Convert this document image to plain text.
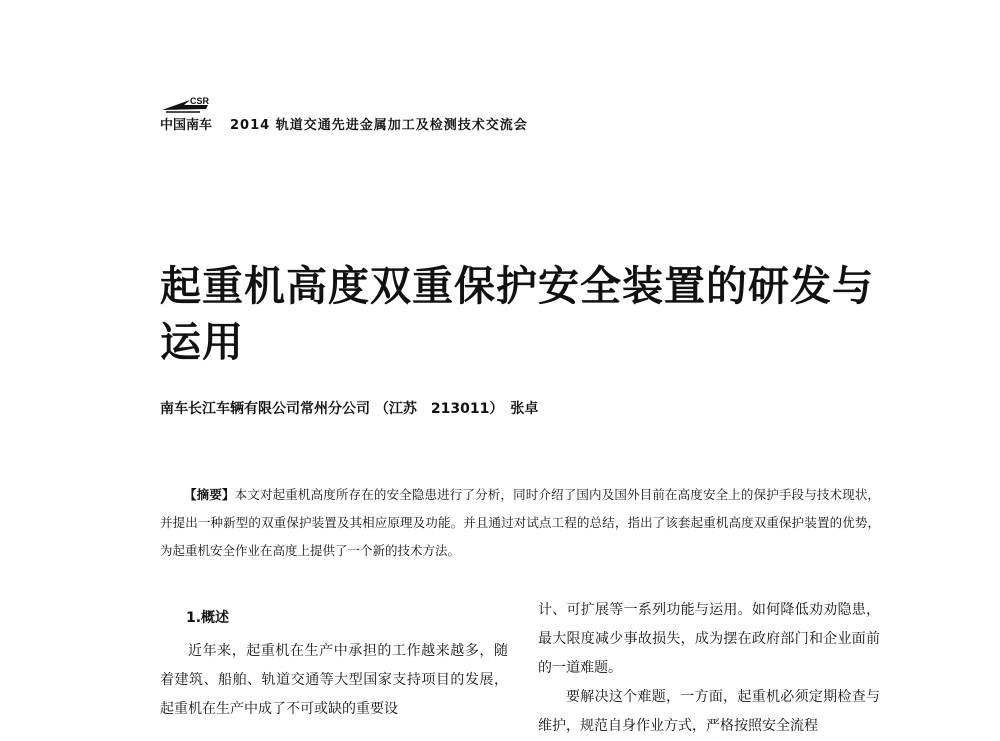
CSR
中国南车 2014 轨道交通先进金属加工及检测技术交流会
起重机高度双重保护安全装置的研发与运用
南车长江车辆有限公司常州分公司 （江苏　213011）　张卓

【摘要】本文对起重机高度所存在的安全隐患进行了分析，同时介绍了国内及国外目前在高度安全上的保护手段与技术现状，并提出一种新型的双重保护装置及其相应原理及功能。并且通过对试点工程的总结，指出了该套起重机高度双重保护装置的优势，为起重机安全作业在高度上提供了一个新的技术方法。

1.概述

近年来，起重机在生产中承担的工作越来越多，随着建筑、船舶、轨道交通等大型国家支持项目的发展，起重机在生产中成了不可或缺的重要设

计、可扩展等一系列功能与运用。如何降低劝劝隐患，最大限度减少事故损失，成为摆在政府部门和企业面前的一道难题。

要解决这个难题，一方面，起重机必须定期检查与维护，规范自身作业方式，严格按照安全流程
